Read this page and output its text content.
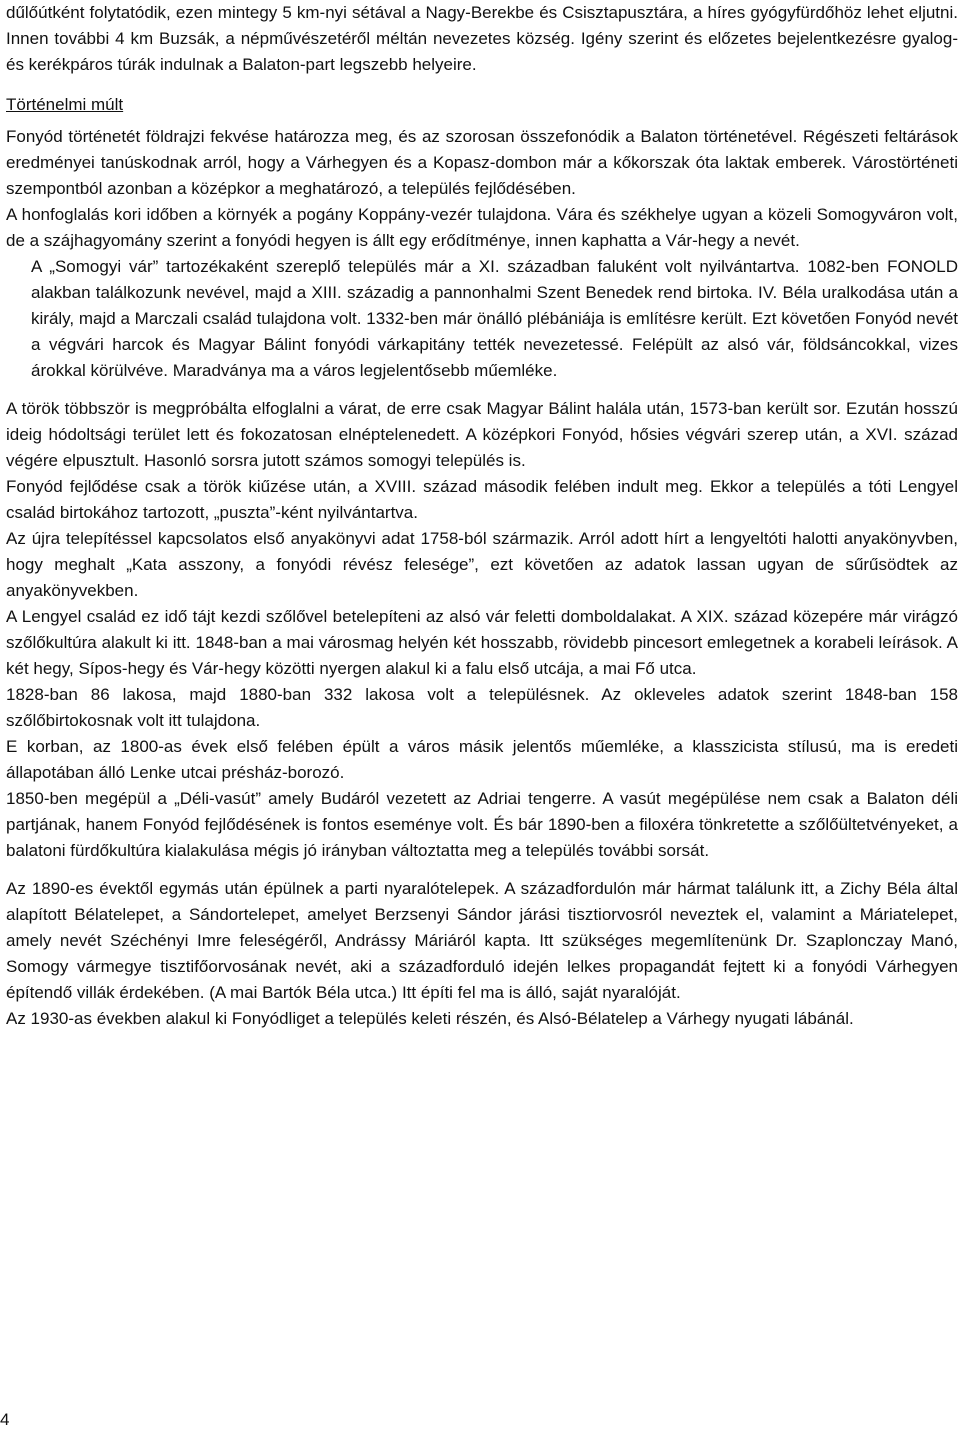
dűlőútként folytatódik, ezen mintegy 5 km-nyi sétával a Nagy-Berekbe és Csisztapusztára, a híres gyógyfürdőhöz lehet eljutni. Innen további 4 km Buzsák, a népművészetéről méltán nevezetes község. Igény szerint és előzetes bejelentkezésre gyalog- és kerékpáros túrák indulnak a Balaton-part legszebb helyeire.

Történelmi múlt

Fonyód történetét földrajzi fekvése határozza meg, és az szorosan összefonódik a Balaton történetével. Régészeti feltárások eredményei tanúskodnak arról, hogy a Várhegyen és a Kopasz-dombon már a kőkorszak óta laktak emberek. Várostörténeti szempontból azonban a középkor a meghatározó, a település fejlődésében.

A honfoglalás kori időben a környék a pogány Koppány-vezér tulajdona. Vára és székhelye ugyan a közeli Somogyváron volt, de a szájhagyomány szerint a fonyódi hegyen is állt egy erődítménye, innen kaphatta a Vár-hegy a nevét.

A „Somogyi vár” tartozékaként szereplő település már a XI. században faluként volt nyilvántartva. 1082-ben FONOLD alakban találkozunk nevével, majd a XIII. századig a pannonhalmi Szent Benedek rend birtoka. IV. Béla uralkodása után a király, majd a Marczali család tulajdona volt. 1332-ben már önálló plébániája is említésre került. Ezt követően Fonyód nevét a végvári harcok és Magyar Bálint fonyódi várkapitány tették nevezetessé. Felépült az alsó vár, földsáncokkal, vizes árokkal körülvéve. Maradványa ma a város legjelentősebb műemléke.

A török többször is megpróbálta elfoglalni a várat, de erre csak Magyar Bálint halála után, 1573-ban került sor. Ezután hosszú ideig hódoltsági terület lett és fokozatosan elnéptelenedett. A középkori Fonyód, hősies végvári szerep után, a XVI. század végére elpusztult. Hasonló sorsra jutott számos somogyi település is.

Fonyód fejlődése csak a török kiűzése után, a XVIII. század második felében indult meg. Ekkor a település a tóti Lengyel család birtokához tartozott, „puszta”-ként nyilvántartva.

Az újra telepítéssel kapcsolatos első anyakönyvi adat 1758-ból származik. Arról adott hírt a lengyeltóti halotti anyakönyvben, hogy meghalt „Kata asszony, a fonyódi révész felesége”, ezt követően az adatok lassan ugyan de sűrűsödtek az anyakönyvekben.

A Lengyel család ez idő tájt kezdi szőlővel betelepíteni az alsó vár feletti domboldalakat. A XIX. század közepére már virágzó szőlőkultúra alakult ki itt. 1848-ban a mai városmag helyén két hosszabb, rövidebb pincesort emlegetnek a korabeli leírások. A két hegy, Sípos-hegy és Vár-hegy közötti nyergen alakul ki a falu első utcája, a mai Fő utca.

1828-ban 86 lakosa, majd 1880-ban 332 lakosa volt a településnek. Az okleveles adatok szerint 1848-ban 158 szőlőbirtokosnak volt itt tulajdona.

E korban, az 1800-as évek első felében épült a város másik jelentős műemléke, a klasszicista stílusú, ma is eredeti állapotában álló Lenke utcai présház-borozó.

1850-ben megépül a „Déli-vasút” amely Budáról vezetett az Adriai tengerre. A vasút megépülése nem csak a Balaton déli partjának, hanem Fonyód fejlődésének is fontos eseménye volt. És bár 1890-ben a filoxéra tönkretette a szőlőültetvényeket, a balatoni fürdőkultúra kialakulása mégis jó irányban változtatta meg a település további sorsát.

Az 1890-es évektől egymás után épülnek a parti nyaralótelepek. A századfordulón már hármat találunk itt, a Zichy Béla által alapított Bélatelepet, a Sándortelepet, amelyet Berzsenyi Sándor járási tisztiorvosról neveztek el, valamint a Máriatelepet, amely nevét Széchényi Imre feleségéről, Andrássy Máriáról kapta. Itt szükséges megemlítenünk Dr. Szaplonczay Manó, Somogy vármegye tisztifőorvosának nevét, aki a századforduló idején lelkes propagandát fejtett ki a fonyódi Várhegyen építendő villák érdekében. (A mai Bartók Béla utca.) Itt építi fel ma is álló, saját nyaralóját.

Az 1930-as években alakul ki Fonyódliget a település keleti részén, és Alsó-Bélatelep a Várhegy nyugati lábánál.

4
